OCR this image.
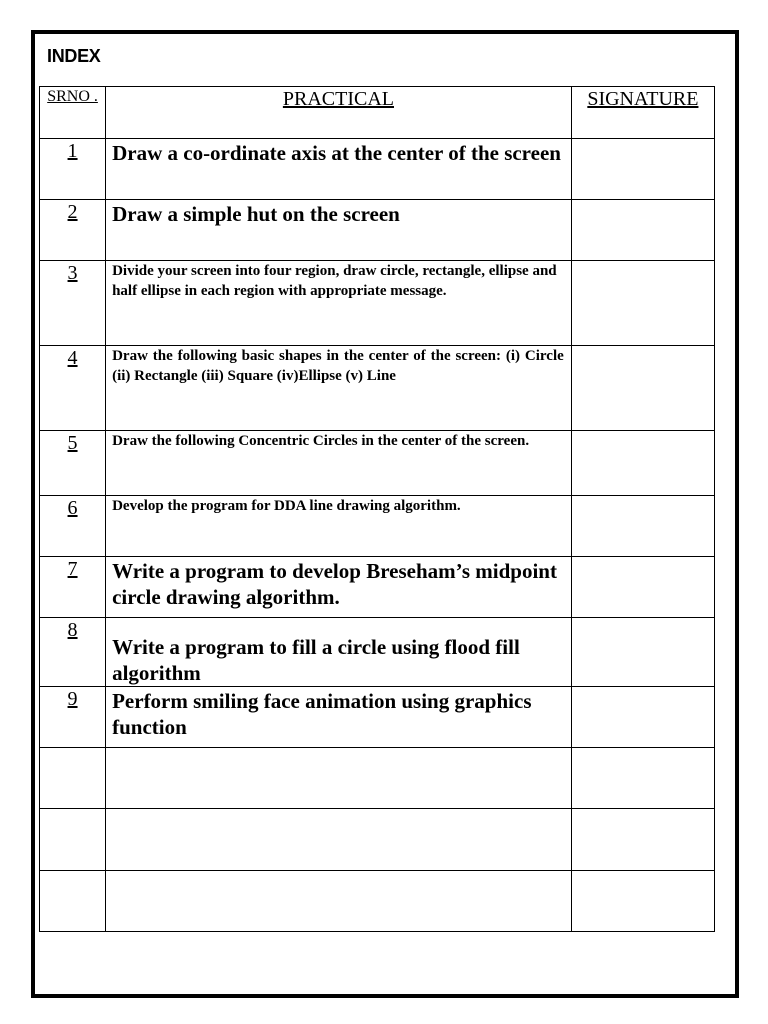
INDEX
SRNO .	PRACTICAL	SIGNATURE
1	Draw a co-ordinate axis at the center of the screen	
2	Draw a simple hut on the screen	
3	Divide your screen into four region, draw circle, rectangle, ellipse and half ellipse in each region with appropriate message.	
4	Draw the following basic shapes in the center of the screen: (i) Circle (ii) Rectangle (iii) Square (iv)Ellipse (v) Line	
5	Draw the following Concentric Circles in the center of the screen.	
6	Develop the program for DDA line drawing algorithm.	
7	Write a program to develop Breseham’s midpoint circle drawing algorithm.	
8	Write a program to fill a circle using flood fill algorithm	
9	Perform smiling face animation using graphics function	
